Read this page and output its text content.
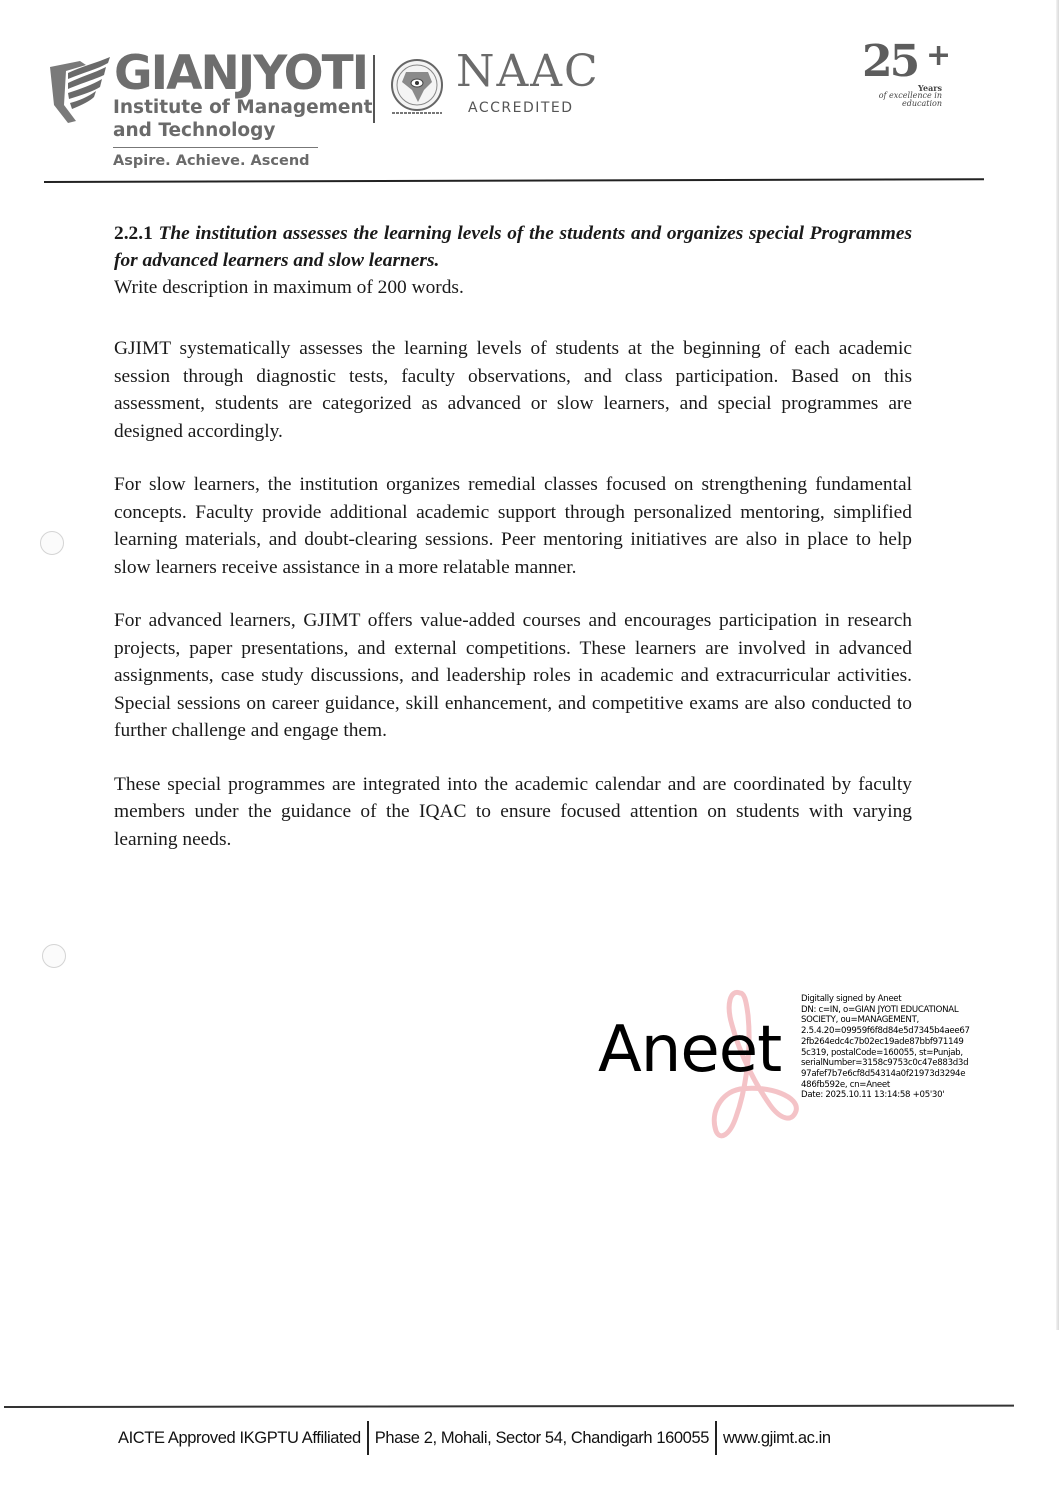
GIANJYOTI
Institute of Management
and Technology
Aspire. Achieve. Ascend
NAAC
ACCREDITED
25 +
Years
of excellence in
education

2.2.1 The institution assesses the learning levels of the students and organizes special Programmes for advanced learners and slow learners.

Write description in maximum of 200 words.

GJIMT systematically assesses the learning levels of students at the beginning of each academic session through diagnostic tests, faculty observations, and class participation. Based on this assessment, students are categorized as advanced or slow learners, and special programmes are designed accordingly.

For slow learners, the institution organizes remedial classes focused on strengthening fundamental concepts. Faculty provide additional academic support through personalized mentoring, simplified learning materials, and doubt-clearing sessions. Peer mentoring initiatives are also in place to help slow learners receive assistance in a more relatable manner.

For advanced learners, GJIMT offers value-added courses and encourages participation in research projects, paper presentations, and external competitions. These learners are involved in advanced assignments, case study discussions, and leadership roles in academic and extracurricular activities. Special sessions on career guidance, skill enhancement, and competitive exams are also conducted to further challenge and engage them.

These special programmes are integrated into the academic calendar and are coordinated by faculty members under the guidance of the IQAC to ensure focused attention on students with varying learning needs.

Aneet
Digitally signed by Aneet
DN: c=IN, o=GIAN JYOTI EDUCATIONAL
SOCIETY, ou=MANAGEMENT,
2.5.4.20=09959f6f8d84e5d7345b4aee67
2fb264edc4c7b02ec19ade87bbf971149
5c319, postalCode=160055, st=Punjab,
serialNumber=3158c9753c0c47e883d3d
97afef7b7e6cf8d54314a0f21973d3294e
486fb592e, cn=Aneet
Date: 2025.10.11 13:14:58 +05'30'
AICTE Approved IKGPTU Affiliated Phase 2, Mohali, Sector 54, Chandigarh 160055 www.gjimt.ac.in
